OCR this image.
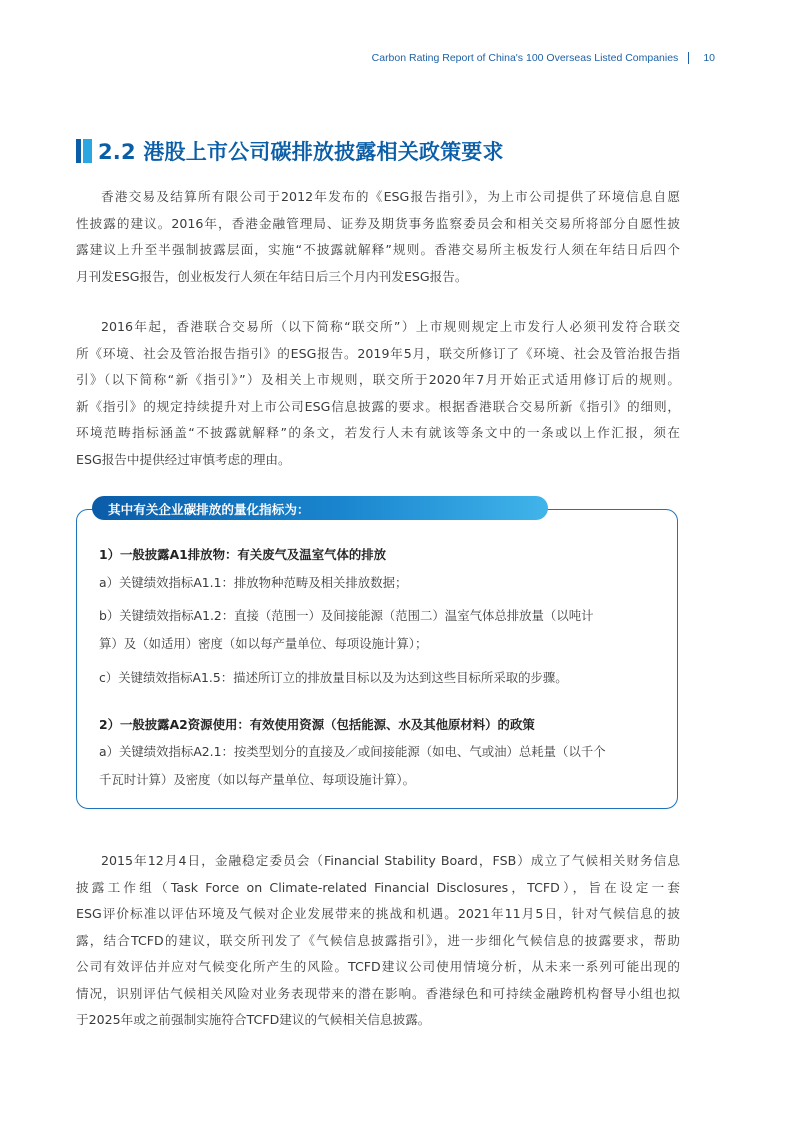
Carbon Rating Report of China's 100 Overseas Listed Companies 10
2.2 港股上市公司碳排放披露相关政策要求
香港交易及结算所有限公司于2012年发布的《ESG报告指引》，为上市公司提供了环境信息自愿
性披露的建议。2016年，香港金融管理局、证券及期货事务监察委员会和相关交易所将部分自愿性披
露建议上升至半强制披露层面，实施“不披露就解释”规则。香港交易所主板发行人须在年结日后四个
月刊发ESG报告，创业板发行人须在年结日后三个月内刊发ESG报告。
2016年起，香港联合交易所（以下简称“联交所”）上市规则规定上市发行人必须刊发符合联交
所《环境、社会及管治报告指引》的ESG报告。2019年5月，联交所修订了《环境、社会及管治报告指
引》（以下简称“新《指引》”）及相关上市规则，联交所于2020年7月开始正式适用修订后的规则。
新《指引》的规定持续提升对上市公司ESG信息披露的要求。根据香港联合交易所新《指引》的细则，
环境范畴指标涵盖“不披露就解释”的条文，若发行人未有就该等条文中的一条或以上作汇报，须在
ESG报告中提供经过审慎考虑的理由。
其中有关企业碳排放的量化指标为：
1）一般披露A1排放物：有关废气及温室气体的排放
a）关键绩效指标A1.1：排放物种范畴及相关排放数据；
b）关键绩效指标A1.2：直接（范围一）及间接能源（范围二）温室气体总排放量（以吨计
算）及（如适用）密度（如以每产量单位、每项设施计算）；
c）关键绩效指标A1.5：描述所订立的排放量目标以及为达到这些目标所采取的步骤。
2）一般披露A2资源使用：有效使用资源（包括能源、水及其他原材料）的政策
a）关键绩效指标A2.1：按类型划分的直接及／或间接能源（如电、气或油）总耗量（以千个
千瓦时计算）及密度（如以每产量单位、每项设施计算）。
2015年12月4日，金融稳定委员会（Financial Stability Board，FSB）成立了气候相关财务信息
披露工作组（Task Force on Climate-related Financial Disclosures，TCFD），旨在设定一套
ESG评价标准以评估环境及气候对企业发展带来的挑战和机遇。2021年11月5日，针对气候信息的披
露，结合TCFD的建议，联交所刊发了《气候信息披露指引》，进一步细化气候信息的披露要求，帮助
公司有效评估并应对气候变化所产生的风险。TCFD建议公司使用情境分析，从未来一系列可能出现的
情况，识别评估气候相关风险对业务表现带来的潜在影响。香港绿色和可持续金融跨机构督导小组也拟
于2025年或之前强制实施符合TCFD建议的气候相关信息披露。
